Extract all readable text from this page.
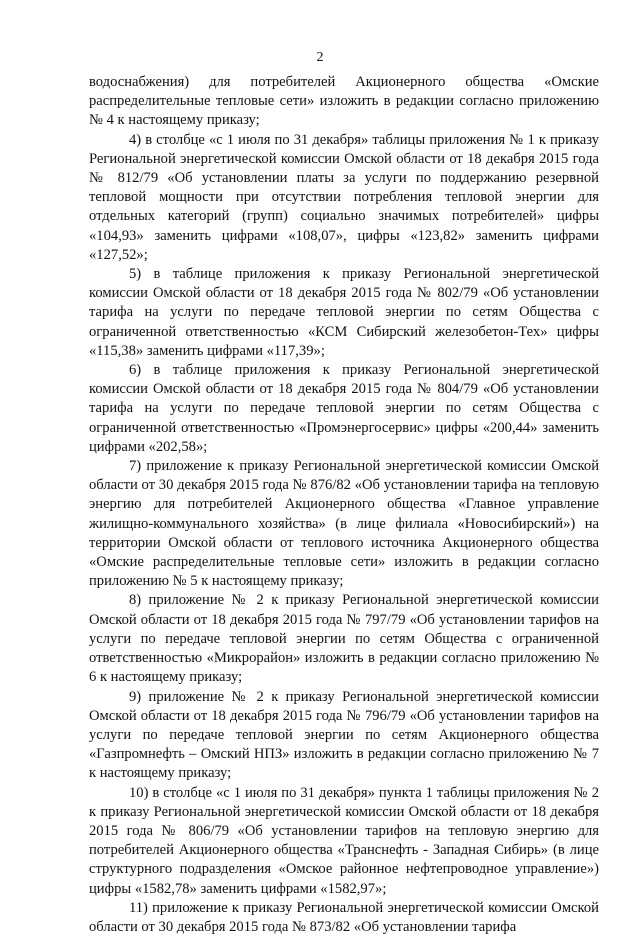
2

водоснабжения) для потребителей Акционерного общества «Омские распределительные тепловые сети» изложить в редакции согласно приложению № 4 к настоящему приказу;

4) в столбце «с 1 июля по 31 декабря» таблицы приложения № 1 к приказу Региональной энергетической комиссии Омской области от 18 декабря 2015 года № 812/79 «Об установлении платы за услуги по поддержанию резервной тепловой мощности при отсутствии потребления тепловой энергии для отдельных категорий (групп) социально значимых потребителей» цифры «104,93» заменить цифрами «108,07», цифры «123,82» заменить цифрами «127,52»;

5) в таблице приложения к приказу Региональной энергетической комиссии Омской области от 18 декабря 2015 года № 802/79 «Об установлении тарифа на услуги по передаче тепловой энергии по сетям Общества с ограниченной ответственностью «КСМ Сибирский железобетон-Тех» цифры «115,38» заменить цифрами «117,39»;

6) в таблице приложения к приказу Региональной энергетической комиссии Омской области от 18 декабря 2015 года № 804/79 «Об установлении тарифа на услуги по передаче тепловой энергии по сетям Общества с ограниченной ответственностью «Промэнергосервис» цифры «200,44» заменить цифрами «202,58»;

7) приложение к приказу Региональной энергетической комиссии Омской области от 30 декабря 2015 года № 876/82 «Об установлении тарифа на тепловую энергию для потребителей Акционерного общества «Главное управление жилищно-коммунального хозяйства» (в лице филиала «Новосибирский») на территории Омской области от теплового источника Акционерного общества «Омские распределительные тепловые сети» изложить в редакции согласно приложению № 5 к настоящему приказу;

8) приложение № 2 к приказу Региональной энергетической комиссии Омской области от 18 декабря 2015 года № 797/79 «Об установлении тарифов на услуги по передаче тепловой энергии по сетям Общества с ограниченной ответственностью «Микрорайон» изложить в редакции согласно приложению № 6 к настоящему приказу;

9) приложение № 2 к приказу Региональной энергетической комиссии Омской области от 18 декабря 2015 года № 796/79 «Об установлении тарифов на услуги по передаче тепловой энергии по сетям Акционерного общества «Газпромнефть – Омский НПЗ» изложить в редакции согласно приложению № 7 к настоящему приказу;

10) в столбце «с 1 июля по 31 декабря» пункта 1 таблицы приложения № 2 к приказу Региональной энергетической комиссии Омской области от 18 декабря 2015 года № 806/79 «Об установлении тарифов на тепловую энергию для потребителей Акционерного общества «Транснефть - Западная Сибирь» (в лице структурного подразделения «Омское районное нефтепроводное управление») цифры «1582,78» заменить цифрами «1582,97»;

11) приложение к приказу Региональной энергетической комиссии Омской области от 30 декабря 2015 года № 873/82 «Об установлении тарифа
